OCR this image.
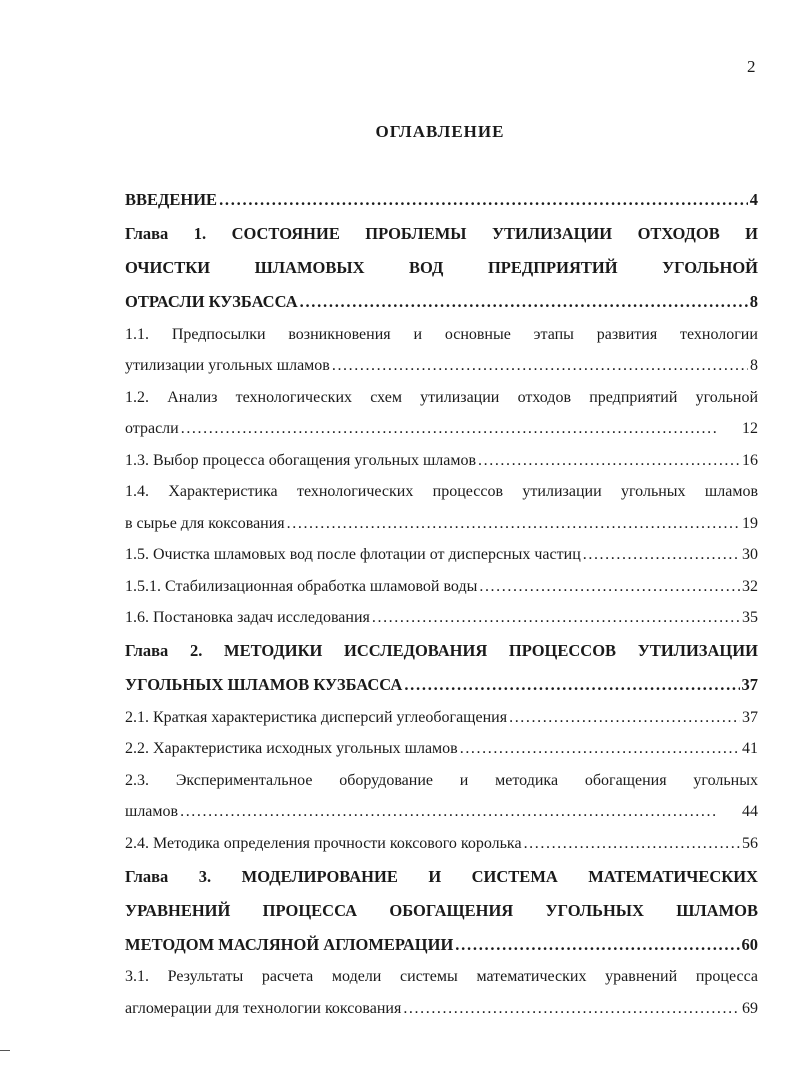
2
ОГЛАВЛЕНИЕ
ВВЕДЕНИЕ . . .	4
Глава 1. СОСТОЯНИЕ ПРОБЛЕМЫ УТИЛИЗАЦИИ ОТХОДОВ И
ОЧИСТКИ	ШЛАМОВЫХ	ВОД	ПРЕДПРИЯТИЙ	УГОЛЬНОЙ
ОТРАСЛИ КУЗБАССА . . .	8
1.1. Предпосылки возникновения и основные этапы развития технологии
утилизации угольных шламов . . .	8
1.2. Анализ технологических схем утилизации отходов предприятий угольной
отрасли . . .	12
1.3. Выбор процесса обогащения угольных шламов . . .	16
1.4. Характеристика технологических процессов утилизации угольных шламов
в сырье для коксования . . .	19
1.5. Очистка шламовых вод после флотации от дисперсных частиц . . .	30
1.5.1. Стабилизационная обработка шламовой воды . . .	32
1.6. Постановка задач исследования . . .	35
Глава 2. МЕТОДИКИ ИССЛЕДОВАНИЯ ПРОЦЕССОВ УТИЛИЗАЦИИ
УГОЛЬНЫХ ШЛАМОВ КУЗБАССА . . .	37
2.1. Краткая характеристика дисперсий углеобогащения . . .	37
2.2. Характеристика исходных угольных шламов . . .	41
2.3. Экспериментальное оборудование и методика обогащения угольных
шламов . . .	44
2.4. Методика определения прочности коксового королька . . .	56
Глава 3. МОДЕЛИРОВАНИЕ И СИСТЕМА МАТЕМАТИЧЕСКИХ
УРАВНЕНИЙ ПРОЦЕССА ОБОГАЩЕНИЯ УГОЛЬНЫХ ШЛАМОВ
МЕТОДОМ МАСЛЯНОЙ АГЛОМЕРАЦИИ . . .	60
3.1. Результаты расчета модели системы математических уравнений процесса
агломерации для технологии коксования . . .	69
